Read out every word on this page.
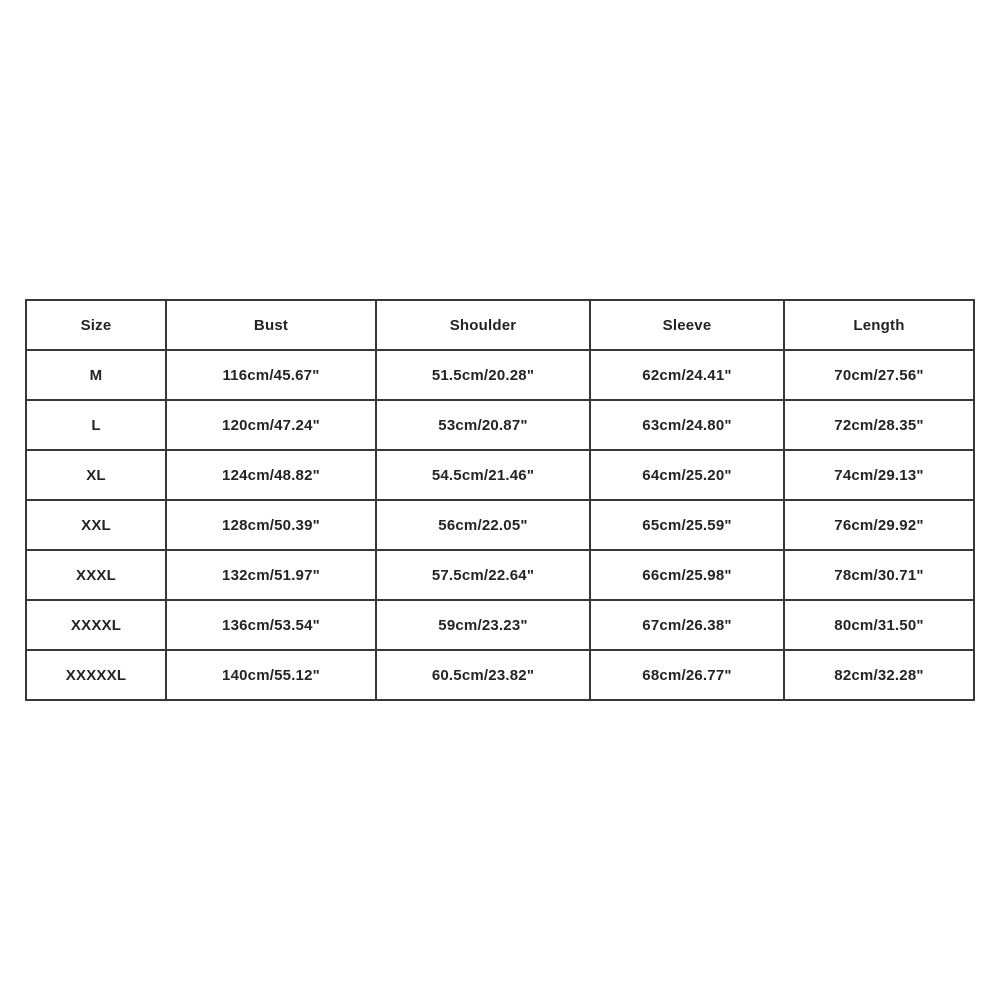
Size	Bust	Shoulder	Sleeve	Length
M	116cm/45.67"	51.5cm/20.28"	62cm/24.41"	70cm/27.56"
L	120cm/47.24"	53cm/20.87"	63cm/24.80"	72cm/28.35"
XL	124cm/48.82"	54.5cm/21.46"	64cm/25.20"	74cm/29.13"
XXL	128cm/50.39"	56cm/22.05"	65cm/25.59"	76cm/29.92"
XXXL	132cm/51.97"	57.5cm/22.64"	66cm/25.98"	78cm/30.71"
XXXXL	136cm/53.54"	59cm/23.23"	67cm/26.38"	80cm/31.50"
XXXXXL	140cm/55.12"	60.5cm/23.82"	68cm/26.77"	82cm/32.28"
